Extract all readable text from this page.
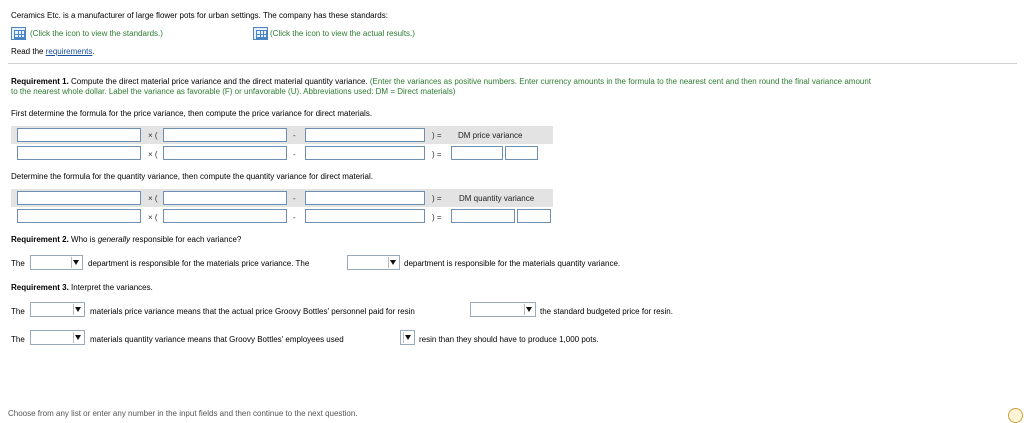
Ceramics Etc. is a manufacturer of large flower pots for urban settings. The company has these standards:
(Click the icon to view the standards.)	(Click the icon to view the actual results.)
Read the requirements.
Requirement 1. Compute the direct material price variance and the direct material quantity variance. (Enter the variances as positive numbers. Enter currency amounts in the formula to the nearest cent and then round the final variance amount
to the nearest whole dollar. Label the variance as favorable (F) or unfavorable (U). Abbreviations used: DM = Direct materials)
First determine the formula for the price variance, then compute the price variance for direct materials.
× (	-	) = DM price variance
× (	-	) =
Determine the formula for the quantity variance, then compute the quantity variance for direct material.
× (	-	) = DM quantity variance
× (	-	) =
Requirement 2. Who is generally responsible for each variance?
The	department is responsible for the materials price variance. The	department is responsible for the materials quantity variance.
Requirement 3. Interpret the variances.
The	materials price variance means that the actual price Groovy Bottles' personnel paid for resin	the standard budgeted price for resin.
The	materials quantity variance means that Groovy Bottles' employees used	resin than they should have to produce 1,000 pots.
Choose from any list or enter any number in the input fields and then continue to the next question.
